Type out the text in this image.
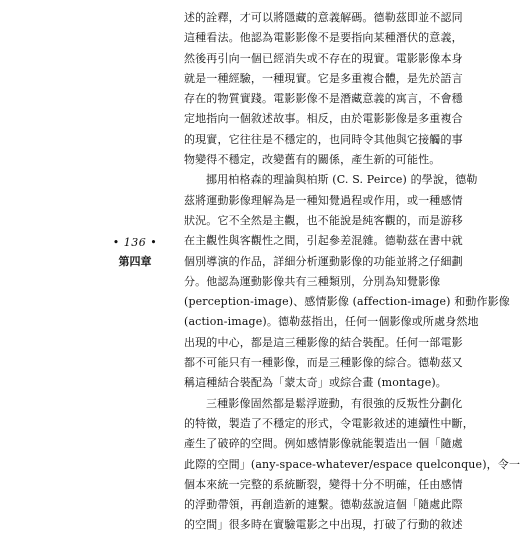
• 136 •
第四章
述的詮釋，才可以將隱藏的意義解碼。德勒茲即並不認同
這種看法。他認為電影影像不是要指向某種潛伏的意義，
然後再引向一個已經消失或不存在的現實。電影影像本身
就是一種經驗，一種現實。它是多重複合體，是先於語言
存在的物質實踐。電影影像不是潛藏意義的寓言，不會穩
定地指向一個敘述故事。相反，由於電影影像是多重複合
的現實，它往往是不穩定的，也同時令其他與它接觸的事
物變得不穩定，改變舊有的關係，產生新的可能性。
挪用柏格森的理論與柏斯 (C. S. Peirce) 的學說，德勒
茲將運動影像理解為是一種知覺過程或作用，或一種感情
狀況。它不全然是主觀，也不能說是純客觀的，而是游移
在主觀性與客觀性之間，引起參差混雜。德勒茲在書中就
個別導演的作品，詳細分析運動影像的功能並將之仔細劃
分。他認為運動影像共有三種類別，分別為知覺影像
(perception-image)、感情影像 (affection-image) 和動作影像
(action-image)。德勒茲指出，任何一個影像或所處身然地
出現的中心，都是這三種影像的結合裝配。任何一部電影
都不可能只有一種影像，而是三種影像的綜合。德勒茲又
稱這種結合裝配為「蒙太奇」或綜合畫 (montage)。
三種影像固然都是鬆浮遊動，有很強的反叛性分劃化
的特徵，製造了不穩定的形式，令電影敘述的連續性中斷，
產生了破碎的空間。例如感情影像就能製造出一個「隨處
此際的空間」(any-space-whatever/espace quelconque)，令一
個本來統一完整的系統斷裂，變得十分不明確，任由感情
的浮動帶領，再創造新的連繫。德勒茲說這個「隨處此際
的空間」很多時在實驗電影之中出現，打破了行動的敘述
